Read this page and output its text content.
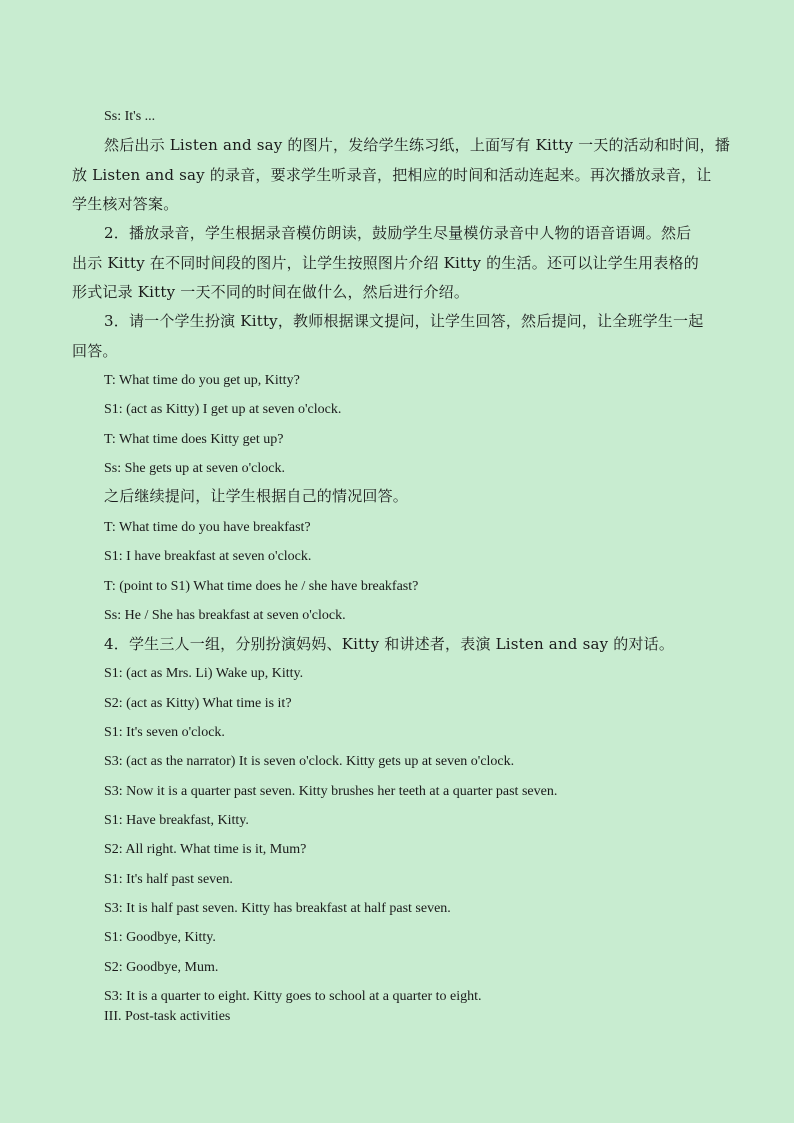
Ss: It's ...
然后出示 Listen and say 的图片，发给学生练习纸，上面写有 Kitty 一天的活动和时间，播
放 Listen and say 的录音，要求学生听录音，把相应的时间和活动连起来。再次播放录音，让
学生核对答案。
2．播放录音，学生根据录音模仿朗读，鼓励学生尽量模仿录音中人物的语音语调。然后
出示 Kitty 在不同时间段的图片，让学生按照图片介绍 Kitty 的生活。还可以让学生用表格的
形式记录 Kitty 一天不同的时间在做什么，然后进行介绍。
3．请一个学生扮演 Kitty，教师根据课文提问，让学生回答，然后提问，让全班学生一起
回答。
T: What time do you get up, Kitty?
S1: (act as Kitty) I get up at seven o'clock.
T: What time does Kitty get up?
Ss: She gets up at seven o'clock.
之后继续提问，让学生根据自己的情况回答。
T: What time do you have breakfast?
S1: I have breakfast at seven o'clock.
T: (point to S1) What time does he / she have breakfast?
Ss: He / She has breakfast at seven o'clock.
4．学生三人一组，分别扮演妈妈、Kitty 和讲述者，表演 Listen and say 的对话。
S1: (act as Mrs. Li) Wake up, Kitty.
S2: (act as Kitty) What time is it?
S1: It's seven o'clock.
S3: (act as the narrator) It is seven o'clock. Kitty gets up at seven o'clock.
S3: Now it is a quarter past seven. Kitty brushes her teeth at a quarter past seven.
S1: Have breakfast, Kitty.
S2: All right. What time is it, Mum?
S1: It's half past seven.
S3: It is half past seven. Kitty has breakfast at half past seven.
S1: Goodbye, Kitty.
S2: Goodbye, Mum.
S3: It is a quarter to eight. Kitty goes to school at a quarter to eight.
III. Post-task activities
